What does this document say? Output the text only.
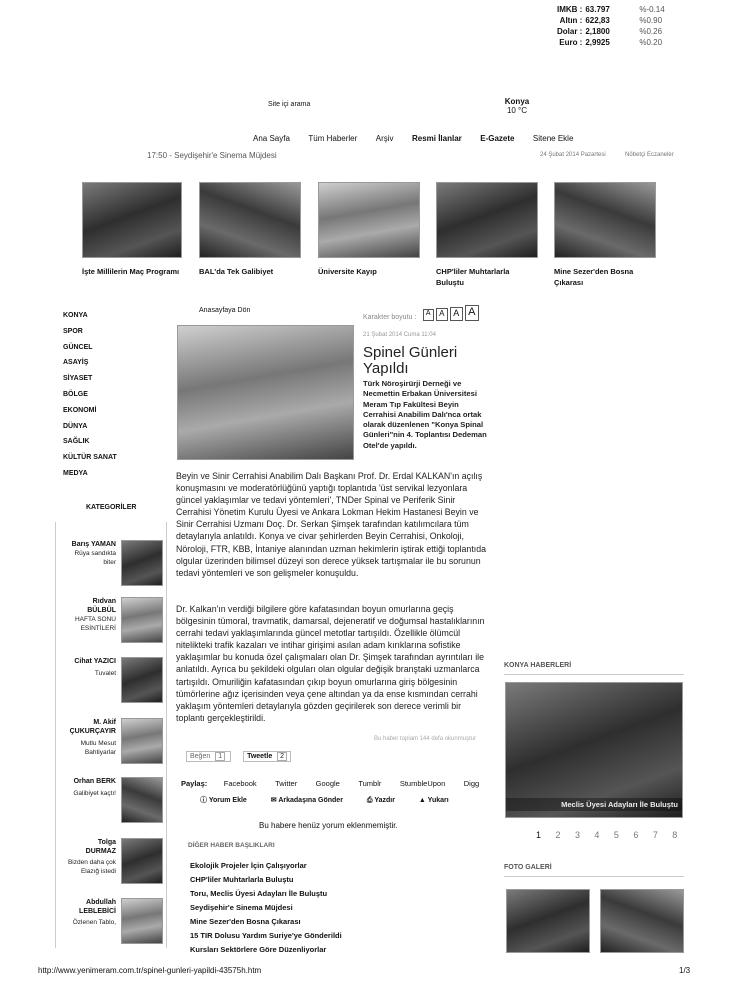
IMKB :	63.797	%-0.14
Altın :	622,83	%0.90
Dolar :	2,1800	%0.26
Euro :	2,9925	%0.20
Site içi arama	Konya
10 °C
Ana Sayfa Tüm Haberler Arşiv Resmi İlanlar E-Gazete Sitene Ekle
17:50 - Seydişehir'e Sinema Müjdesi	24 Şubat 2014 Pazartesi	Nöbetçi Eczaneler
İşte Millilerin Maç Programı	BAL'da Tek Galibiyet	Üniversite Kayıp	CHP'liler Muhtarlarla Buluştu
Mine Sezer'den Bosna Çıkarası
KONYA
SPOR
GÜNCEL
ASAYİŞ
SİYASET
BÖLGE
EKONOMİ
DÜNYA
SAĞLIK
KÜLTÜR SANAT
MEDYA
KATEGORİLER
Barış YAMAN
Rüya sandıkta biter
Rıdvan BÜLBÜL
HAFTA SONU ESİNTİLERİ
Cihat YAZICI
Tuvalet
M. Akif ÇUKURÇAYIR
Mutlu Mesut Bahtiyarlar
Orhan BERK
Galibiyet kaçtı!
Tolga DURMAZ
Bizden daha çok Elazığ istedi
Abdullah LEBLEBİCİ
Özlenen Tablo,
Anasayfaya Dön
Karakter boyutu : A A A A
21 Şubat 2014 Cuma 11:04
Spinel Günleri Yapıldı
Türk Nöroşirürji Derneği ve Necmettin Erbakan Üniversitesi Meram Tıp Fakültesi Beyin Cerrahisi Anabilim Dalı'nca ortak olarak düzenlenen "Konya Spinal Günleri"nin 4. Toplantısı Dedeman Otel'de yapıldı.
Beyin ve Sinir Cerrahisi Anabilim Dalı Başkanı Prof. Dr. Erdal KALKAN'ın açılış konuşmasını ve moderatörlüğünü yaptığı toplantıda 'üst servikal lezyonlara güncel yaklaşımlar ve tedavi yöntemleri', TNDer Spinal ve Periferik Sinir Cerrahisi Yönetim Kurulu Üyesi ve Ankara Lokman Hekim Hastanesi Beyin ve Sinir Cerrahisi Uzmanı Doç. Dr. Serkan Şimşek tarafından katılımcılara tüm detaylarıyla anlatıldı. Konya ve civar şehirlerden Beyin Cerrahisi, Onkoloji, Nöroloji, FTR, KBB, İntaniye alanından uzman hekimlerin iştirak ettiği toplantıda olgular üzerinden bilimsel düzeyi son derece yüksek tartışmalar ile bu sorunun tedavi yöntemleri ve son gelişmeler konuşuldu.
Dr. Kalkan'ın verdiği bilgilere göre kafatasından boyun omurlarına geçiş bölgesinin tümoral, travmatik, damarsal, dejeneratif ve doğumsal hastalıklarının cerrahi tedavi yaklaşımlarında güncel metotlar tartışıldı. Özellikle ölümcül nitelikteki trafik kazaları ve intihar girişimi asılan adam kırıklarına sofistike yaklaşımlar bu konuda özel çalışmaları olan Dr. Şimşek tarafından ayrıntıları ile anlatıldı. Ayrıca bu şekildeki olguları olan olgular değişik branştaki uzmanlarca tartışıldı. Omuriliğin kafatasından çıkıp boyun omurlarına giriş bölgesinin tümörlerine ağız içerisinden veya çene altından ya da ense kısmından cerrahi yaklaşım yöntemleri detaylarıyla gözden geçirilerek son derece verimli bir toplantı gerçekleştirildi.
Bu haber toplam 144 defa okunmuştur
Beğen 1	Tweetle 2
Paylaş: Facebook Twitter Google Tumblr StumbleUpon Digg
ⓘ Yorum Ekle	✉ Arkadaşına Gönder	⎙ Yazdır	▲ Yukarı
Bu habere henüz yorum eklenmemiştir.
DİĞER HABER BAŞLIKLARI
Ekolojik Projeler İçin Çalışıyorlar
CHP'liler Muhtarlarla Buluştu
Toru, Meclis Üyesi Adayları İle Buluştu
Seydişehir'e Sinema Müjdesi
Mine Sezer'den Bosna Çıkarası
15 TIR Dolusu Yardım Suriye'ye Gönderildi
Kursları Sektörlere Göre Düzenliyorlar
KONYA HABERLERİ
Meclis Üyesi Adayları İle Buluştu
1 2 3 4 5 6 7 8
FOTO GALERİ
http://www.yenimeram.com.tr/spinel-gunleri-yapildi-43575h.htm	1/3
